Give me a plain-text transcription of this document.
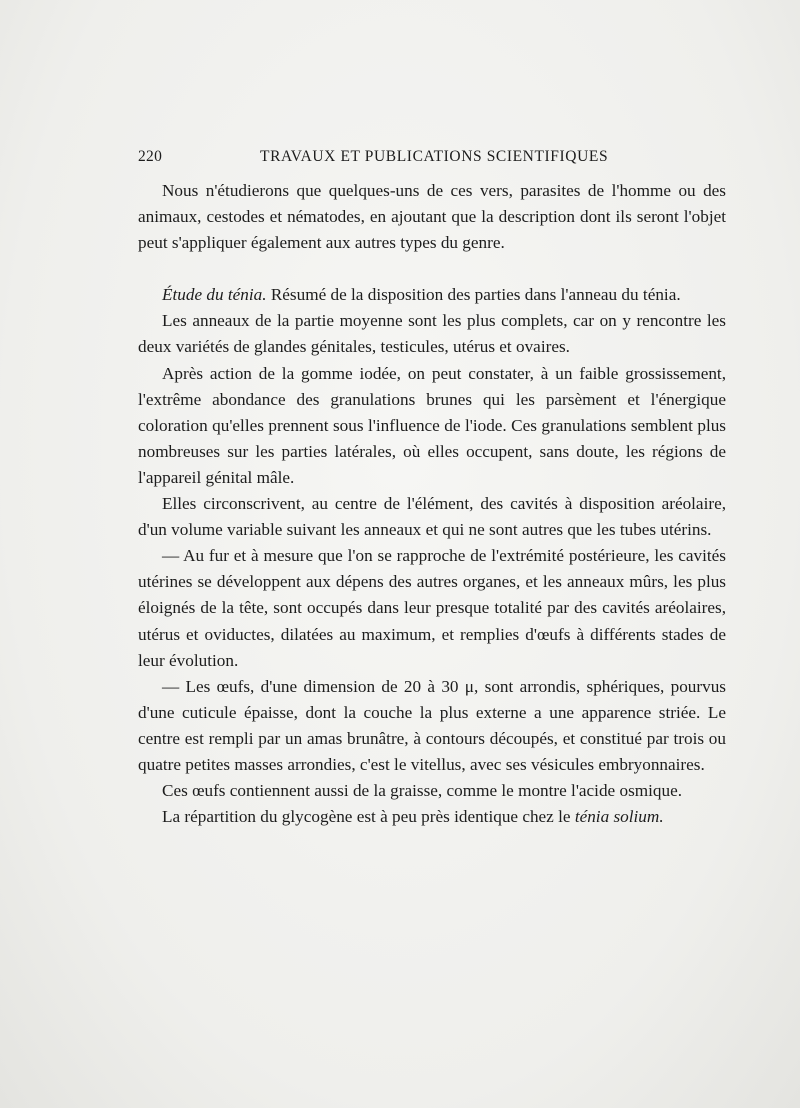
220	TRAVAUX ET PUBLICATIONS SCIENTIFIQUES

Nous n'étudierons que quelques-uns de ces vers, parasites de l'homme ou des animaux, cestodes et nématodes, en ajoutant que la description dont ils seront l'objet peut s'appliquer également aux autres types du genre.

Étude du ténia. Résumé de la disposition des parties dans l'anneau du ténia.

Les anneaux de la partie moyenne sont les plus complets, car on y rencontre les deux variétés de glandes génitales, testicules, utérus et ovaires.

Après action de la gomme iodée, on peut constater, à un faible grossissement, l'extrême abondance des granulations brunes qui les parsèment et l'énergique coloration qu'elles prennent sous l'influence de l'iode. Ces granulations semblent plus nombreuses sur les parties latérales, où elles occupent, sans doute, les régions de l'appareil génital mâle.

Elles circonscrivent, au centre de l'élément, des cavités à disposition aréolaire, d'un volume variable suivant les anneaux et qui ne sont autres que les tubes utérins.

— Au fur et à mesure que l'on se rapproche de l'extrémité postérieure, les cavités utérines se développent aux dépens des autres organes, et les anneaux mûrs, les plus éloignés de la tête, sont occupés dans leur presque totalité par des cavités aréolaires, utérus et oviductes, dilatées au maximum, et remplies d'œufs à différents stades de leur évolution.

— Les œufs, d'une dimension de 20 à 30 μ, sont arrondis, sphériques, pourvus d'une cuticule épaisse, dont la couche la plus externe a une apparence striée. Le centre est rempli par un amas brunâtre, à contours découpés, et constitué par trois ou quatre petites masses arrondies, c'est le vitellus, avec ses vésicules embryonnaires.

Ces œufs contiennent aussi de la graisse, comme le montre l'acide osmique.

La répartition du glycogène est à peu près identique chez le ténia solium.
